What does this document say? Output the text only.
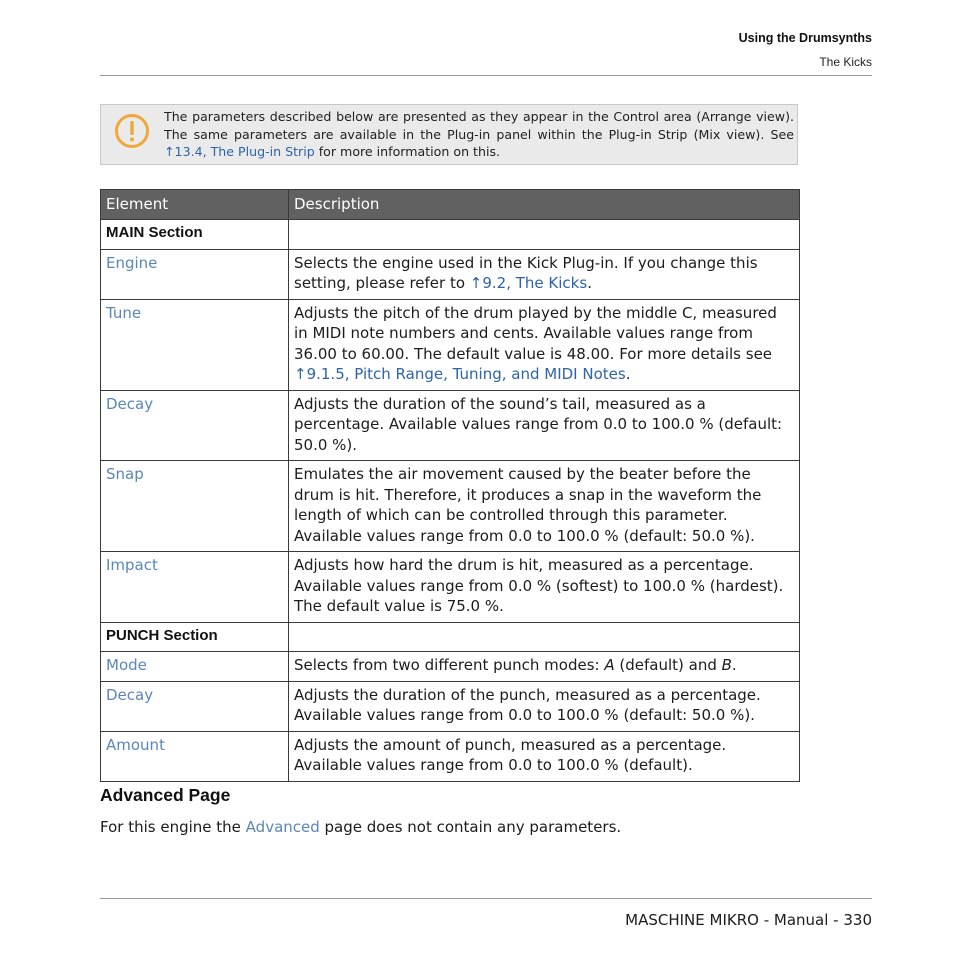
Using the Drumsynths
The Kicks
The parameters described below are presented as they appear in the Control area (Arrange view). The same parameters are available in the Plug-in panel within the Plug-in Strip (Mix view). See ↑13.4, The Plug-in Strip for more information on this.
Element	Description
MAIN Section	
Engine	Selects the engine used in the Kick Plug-in. If you change this setting, please refer to ↑9.2, The Kicks.
Tune	Adjusts the pitch of the drum played by the middle C, measured in MIDI note numbers and cents. Available values range from 36.00 to 60.00. The default value is 48.00. For more details see ↑9.1.5, Pitch Range, Tuning, and MIDI Notes.
Decay	Adjusts the duration of the sound’s tail, measured as a percentage. Available values range from 0.0 to 100.0 % (default: 50.0 %).
Snap	Emulates the air movement caused by the beater before the drum is hit. Therefore, it produces a snap in the waveform the length of which can be controlled through this parameter. Available values range from 0.0 to 100.0 % (default: 50.0 %).
Impact	Adjusts how hard the drum is hit, measured as a percentage. Available values range from 0.0 % (softest) to 100.0 % (hardest). The default value is 75.0 %.
PUNCH Section	
Mode	Selects from two different punch modes: A (default) and B.
Decay	Adjusts the duration of the punch, measured as a percentage. Available values range from 0.0 to 100.0 % (default: 50.0 %).
Amount	Adjusts the amount of punch, measured as a percentage. Available values range from 0.0 to 100.0 % (default).
Advanced Page
For this engine the Advanced page does not contain any parameters.
MASCHINE MIKRO - Manual - 330
